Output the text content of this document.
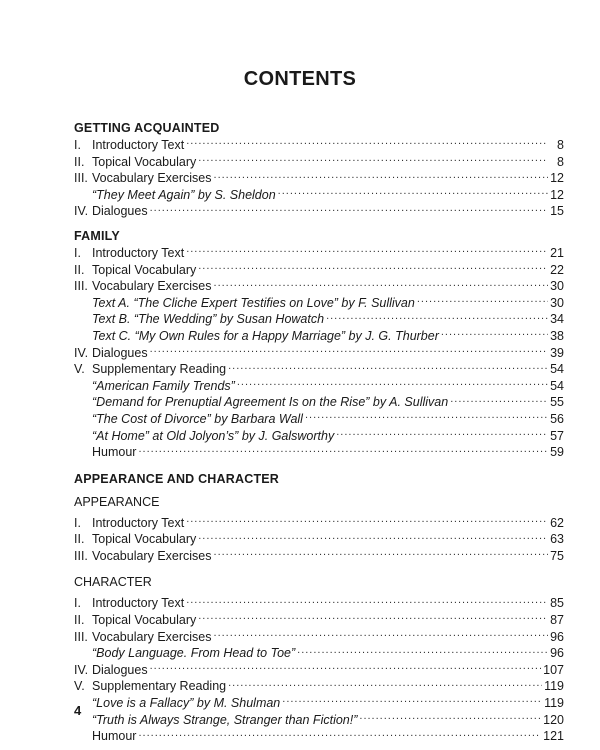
CONTENTS
GETTING ACQUAINTED
I. Introductory Text .....	8
II. Topical Vocabulary .....	8
III. Vocabulary Exercises .....	12
“They Meet Again” by S. Sheldon .....	12
IV. Dialogues .....	15
FAMILY
I. Introductory Text .....	21
II. Topical Vocabulary .....	22
III. Vocabulary Exercises .....	30
Text A. “The Cliche Expert Testifies on Love” by F. Sullivan .....	30
Text B. “The Wedding” by Susan Howatch .....	34
Text C. “My Own Rules for a Happy Marriage” by J. G. Thurber .....	38
IV. Dialogues .....	39
V. Supplementary Reading .....	54
“American Family Trends” .....	54
“Demand for Prenuptial Agreement Is on the Rise” by A. Sullivan .....	55
“The Cost of Divorce” by Barbara Wall .....	56
“At Home” at Old Jolyon’s” by J. Galsworthy .....	57
Humour .....	59
APPEARANCE AND CHARACTER
APPEARANCE
I. Introductory Text .....	62
II. Topical Vocabulary .....	63
III. Vocabulary Exercises .....	75
CHARACTER
I. Introductory Text .....	85
II. Topical Vocabulary .....	87
III. Vocabulary Exercises .....	96
“Body Language. From Head to Toe” .....	96
IV. Dialogues .....	107
V. Supplementary Reading .....	119
“Love is a Fallacy” by M. Shulman .....	119
“Truth is Always Strange, Stranger than Fiction!” .....	120
Humour .....	121
4
